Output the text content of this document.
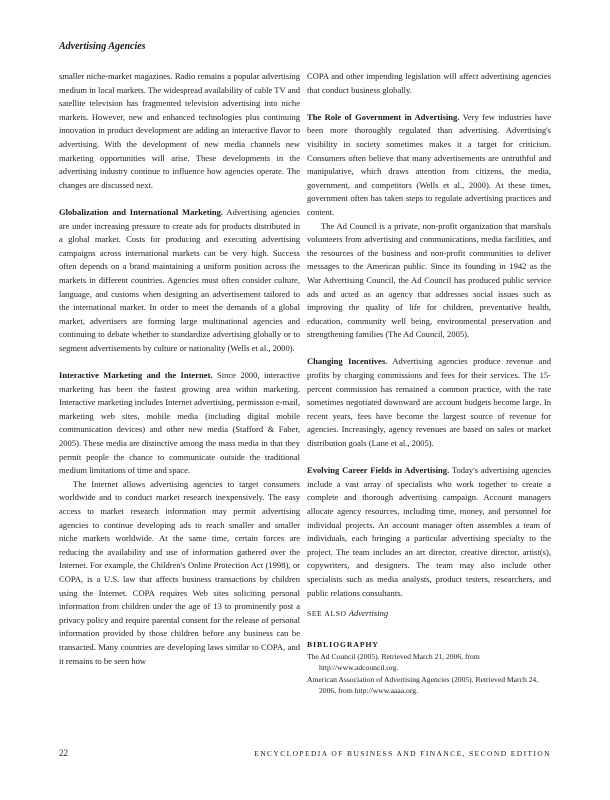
Advertising Agencies

smaller niche-market magazines. Radio remains a popular advertising medium in local markets. The widespread availability of cable TV and satellite television has fragmented television advertising into niche markets. However, new and enhanced technologies plus continuing innovation in product development are adding an interactive flavor to advertising. With the development of new media channels new marketing opportunities will arise. These developments in the advertising industry continue to influence how agencies operate. The changes are discussed next.

Globalization and International Marketing. Advertising agencies are under increasing pressure to create ads for products distributed in a global market. Costs for producing and executing advertising campaigns across international markets can be very high. Success often depends on a brand maintaining a uniform position across the markets in different countries. Agencies must often consider culture, language, and customs when designing an advertisement tailored to the international market. In order to meet the demands of a global market, advertisers are forming large multinational agencies and continuing to debate whether to standardize advertising globally or to segment advertisements by culture or nationality (Wells et al., 2000).

Interactive Marketing and the Internet. Since 2000, interactive marketing has been the fastest growing area within marketing. Interactive marketing includes Internet advertising, permission e-mail, marketing web sites, mobile media (including digital mobile communication devices) and other new media (Stafford & Faber, 2005). These media are distinctive among the mass media in that they permit people the chance to communicate outside the traditional medium limitations of time and space.

The Internet allows advertising agencies to target consumers worldwide and to conduct market research inexpensively. The easy access to market research information may permit advertising agencies to continue developing ads to reach smaller and smaller niche markets worldwide. At the same time, certain forces are reducing the availability and use of information gathered over the Internet. For example, the Children's Online Protection Act (1998), or COPA, is a U.S. law that affects business transactions by children using the Internet. COPA requires Web sites soliciting personal information from children under the age of 13 to prominently post a privacy policy and require parental consent for the release of personal information provided by those children before any business can be transacted. Many countries are developing laws similar to COPA, and it remains to be seen how

COPA and other impending legislation will affect advertising agencies that conduct business globally.

The Role of Government in Advertising. Very few industries have been more thoroughly regulated than advertising. Advertising's visibility in society sometimes makes it a target for criticism. Consumers often believe that many advertisements are untruthful and manipulative, which draws attention from citizens, the media, government, and competitors (Wells et al., 2000). At these times, government often has taken steps to regulate advertising practices and content.

The Ad Council is a private, non-profit organization that marshals volunteers from advertising and communications, media facilities, and the resources of the business and non-profit communities to deliver messages to the American public. Since its founding in 1942 as the War Advertising Council, the Ad Council has produced public service ads and acted as an agency that addresses social issues such as improving the quality of life for children, preventative health, education, community well being, environmental preservation and strengthening families (The Ad Council, 2005).

Changing Incentives. Advertising agencies produce revenue and profits by charging commissions and fees for their services. The 15-percent commission has remained a common practice, with the rate sometimes negotiated downward are account budgets become large. In recent years, fees have become the largest source of revenue for agencies. Increasingly, agency revenues are based on sales or market distribution goals (Lane et al., 2005).

Evolving Career Fields in Advertising. Today's advertising agencies include a vast array of specialists who work together to create a complete and thorough advertising campaign. Account managers allocate agency resources, including time, money, and personnel for individual projects. An account manager often assembles a team of individuals, each bringing a particular advertising specialty to the project. The team includes an art director, creative director, artist(s), copywriters, and designers. The team may also include other specialists such as media analysts, product testers, researchers, and public relations consultants.

SEE ALSO Advertising
BIBLIOGRAPHY
The Ad Council (2005). Retrieved March 21, 2006, from http://www.adcouncil.org.
American Association of Advertising Agencies (2005). Retrieved March 24, 2006, from http://www.aaaa.org.
22	ENCYCLOPEDIA OF BUSINESS AND FINANCE, SECOND EDITION
